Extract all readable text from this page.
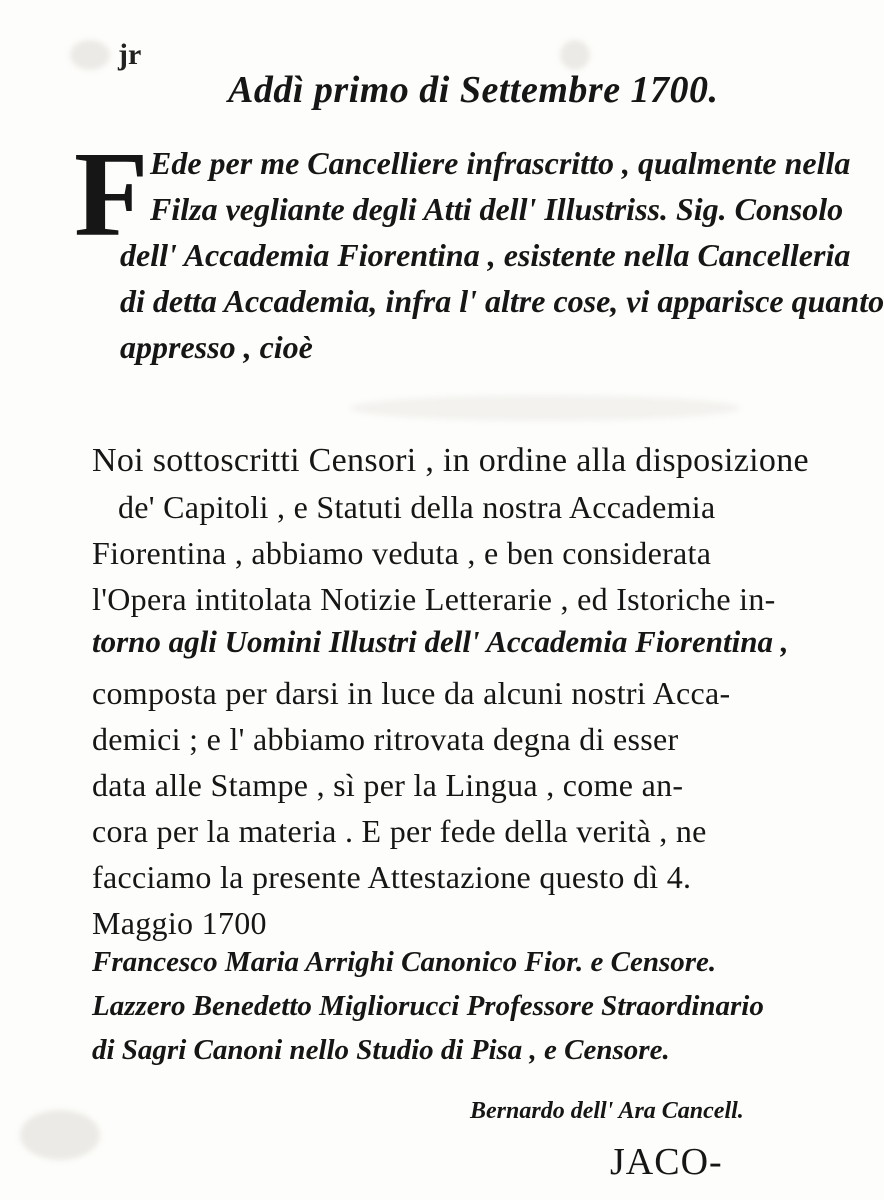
jr
Addì primo di Settembre 1700.
F Ede per me Cancelliere infrascritto , qualmente nella
Filza vegliante degli Atti dell' Illustriss. Sig. Consolo
dell' Accademia Fiorentina , esistente nella Cancelleria
di detta Accademia, infra l' altre cose, vi apparisce quanto
appresso , cioè
Noi sottoscritti Censori , in ordine alla disposizione
de' Capitoli , e Statuti della nostra Accademia
Fiorentina , abbiamo veduta , e ben considerata
l'Opera intitolata Notizie Letterarie , ed Istoriche in-
torno agli Uomini Illustri dell' Accademia Fiorentina ,
composta per darsi in luce da alcuni nostri Acca-
demici ; e l' abbiamo ritrovata degna di esser
data alle Stampe , sì per la Lingua , come an-
cora per la materia . E per fede della verità , ne
facciamo la presente Attestazione questo dì 4.
Maggio 1700
Francesco Maria Arrighi Canonico Fior. e Censore.
Lazzero Benedetto Migliorucci Professore Straordinario
di Sagri Canoni nello Studio di Pisa , e Censore.
Bernardo dell' Ara Cancell.
JACO-
